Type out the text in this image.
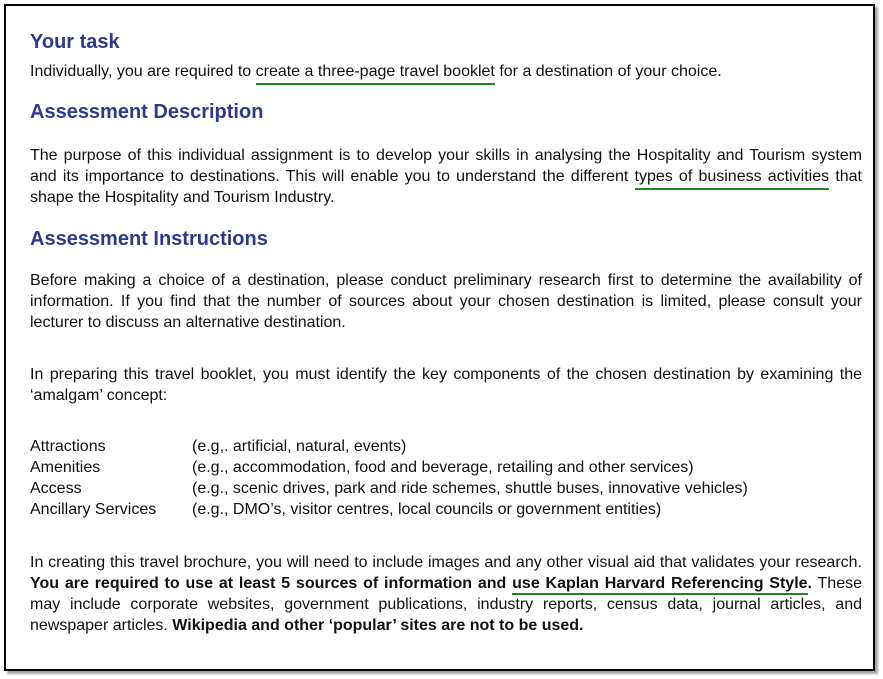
Your task
Individually, you are required to create a three-page travel booklet for a destination of your choice.
Assessment Description
The purpose of this individual assignment is to develop your skills in analysing the Hospitality and Tourism system and its importance to destinations. This will enable you to understand the different types of business activities that shape the Hospitality and Tourism Industry.
Assessment Instructions
Before making a choice of a destination, please conduct preliminary research first to determine the availability of information. If you find that the number of sources about your chosen destination is limited, please consult your lecturer to discuss an alternative destination.
In preparing this travel booklet, you must identify the key components of the chosen destination by examining the ‘amalgam’ concept:
Attractions	(e.g,. artificial, natural, events)
Amenities	(e.g., accommodation, food and beverage, retailing and other services)
Access	(e.g., scenic drives, park and ride schemes, shuttle buses, innovative vehicles)
Ancillary Services	(e.g., DMO’s, visitor centres, local councils or government entities)
In creating this travel brochure, you will need to include images and any other visual aid that validates your research. You are required to use at least 5 sources of information and use Kaplan Harvard Referencing Style. These may include corporate websites, government publications, industry reports, census data, journal articles, and newspaper articles. Wikipedia and other ‘popular’ sites are not to be used.
